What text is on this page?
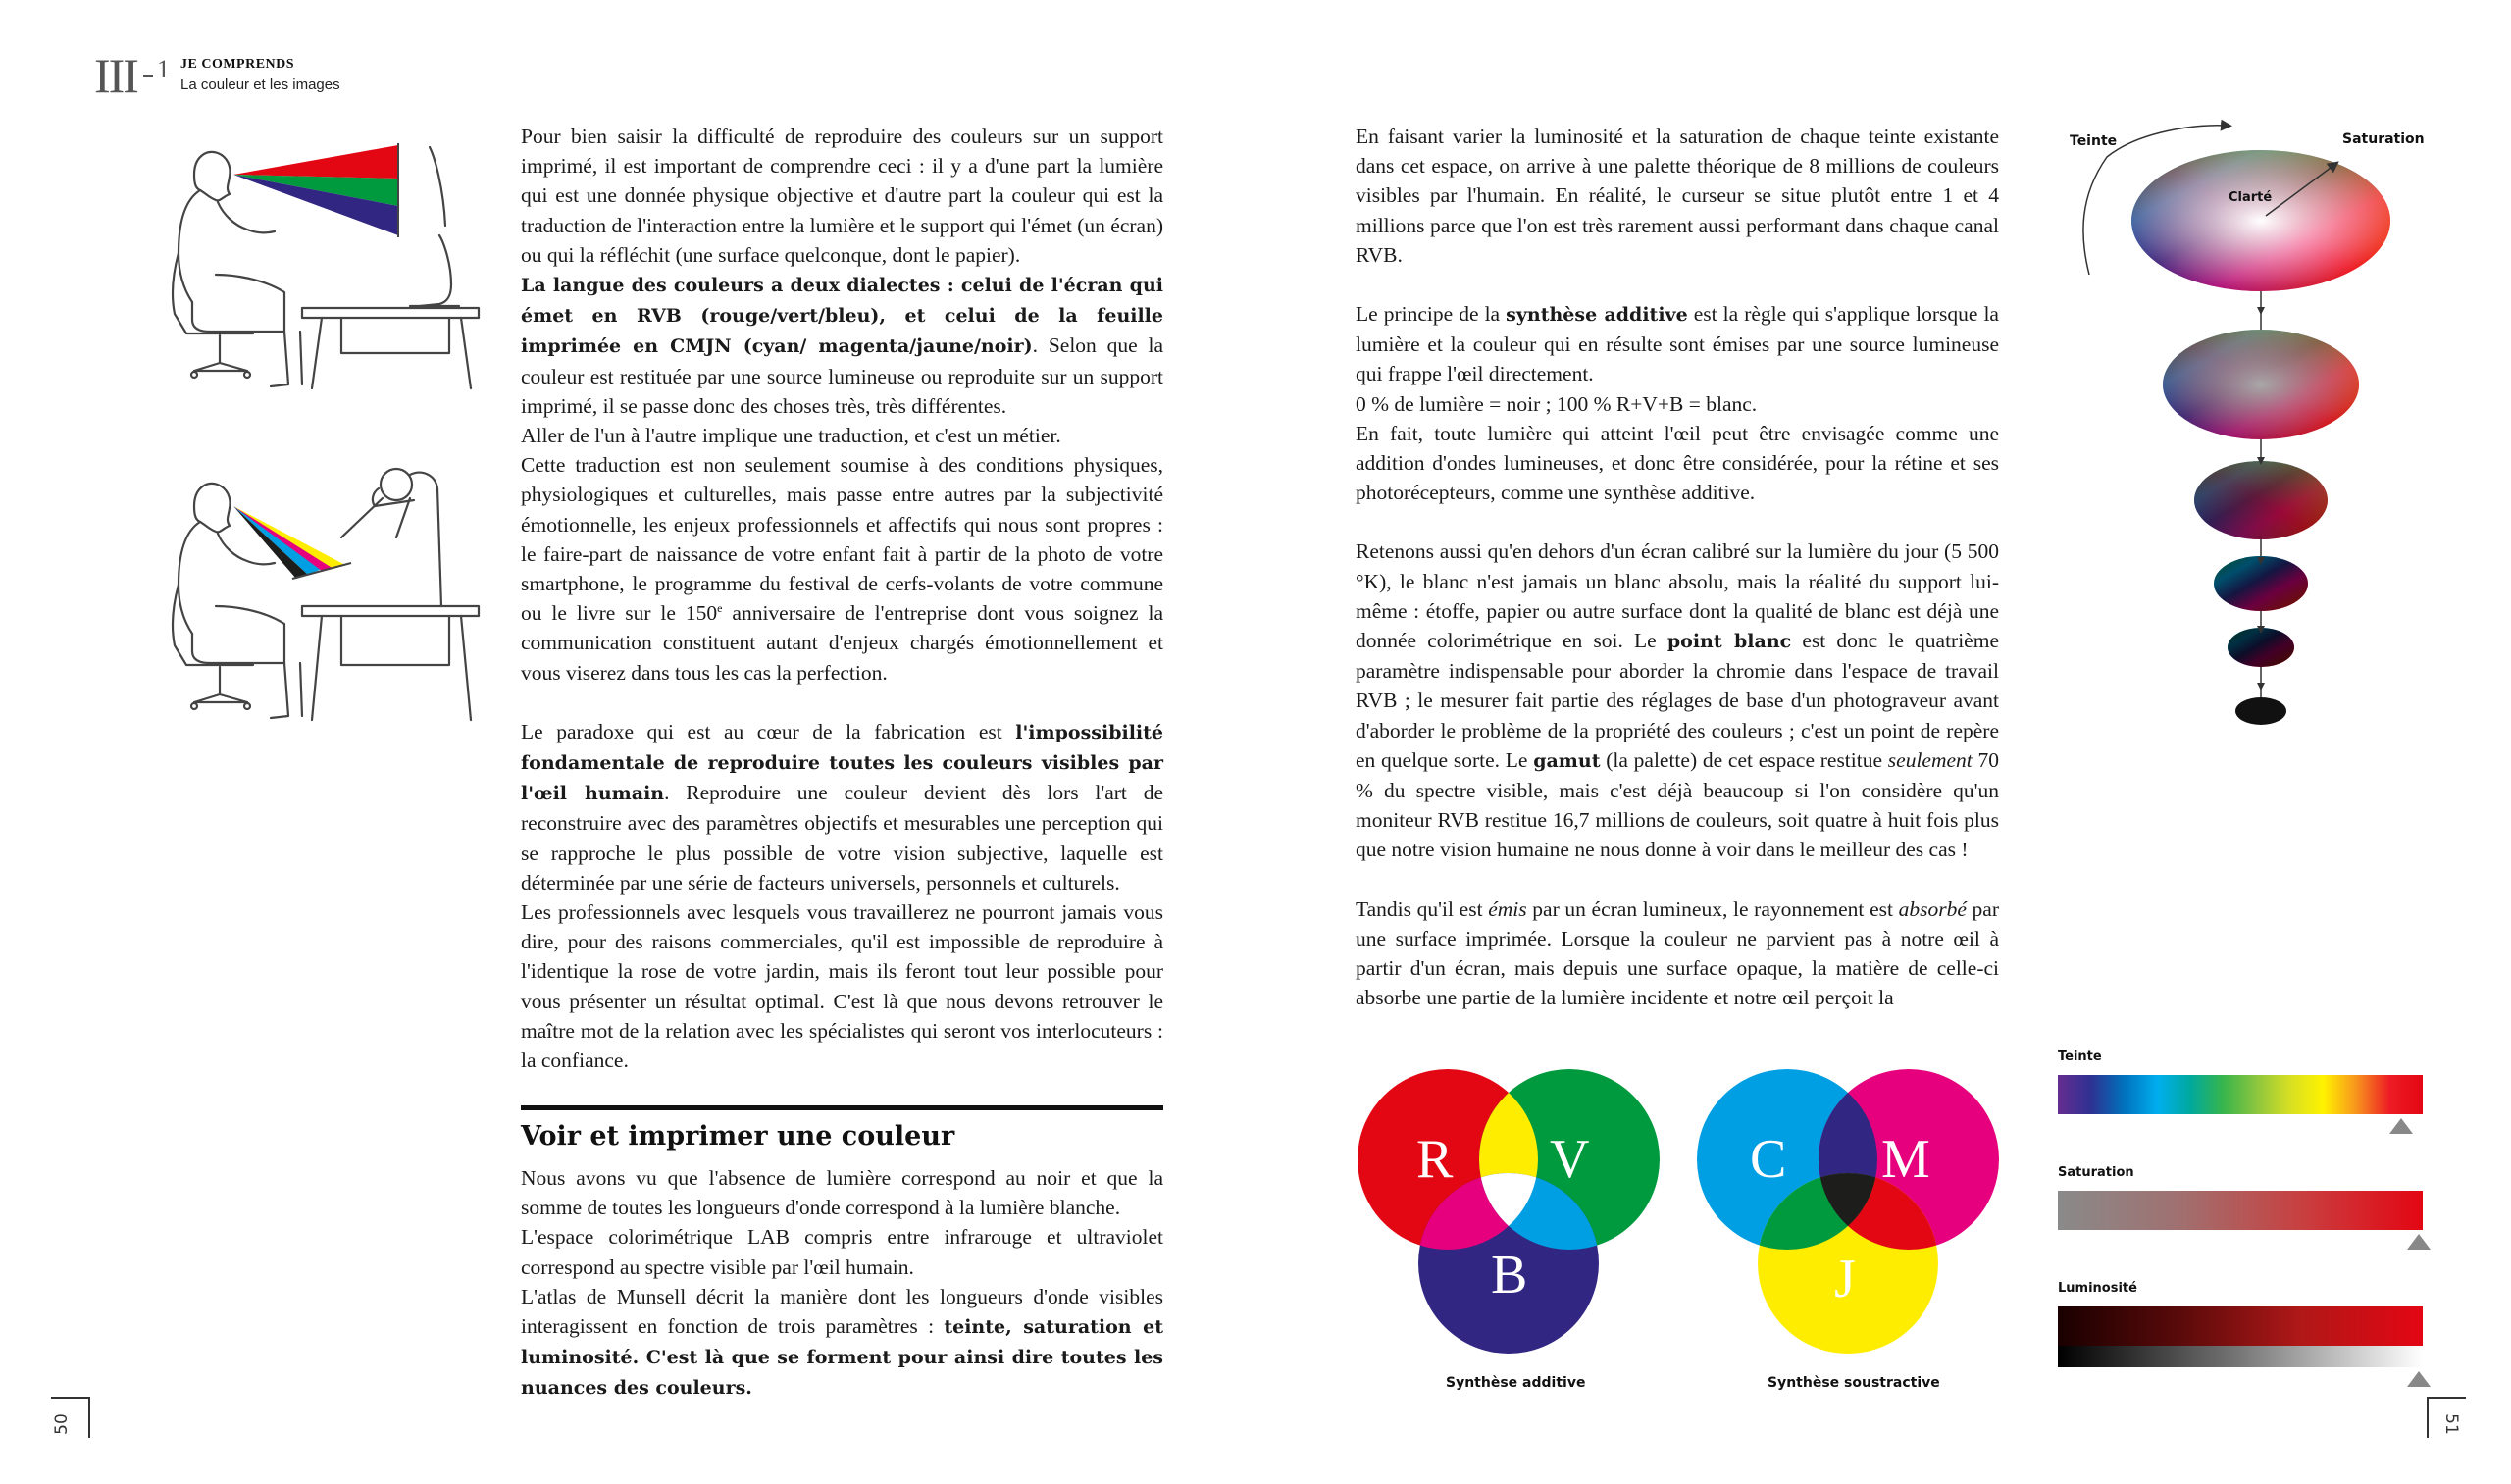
III 1 JE COMPRENDS
La couleur et les images

Pour bien saisir la difficulté de reproduire des couleurs sur un support imprimé, il est important de comprendre ceci : il y a d'une part la lumière qui est une donnée physique objective et d'autre part la couleur qui est la traduction de l'interaction entre la lumière et le support qui l'émet (un écran) ou qui la réfléchit (une surface quelconque, dont le papier).

La langue des couleurs a deux dialectes : celui de l'écran qui émet en RVB (rouge/vert/bleu), et celui de la feuille imprimée en CMJN (cyan/ magenta/jaune/noir). Selon que la couleur est restituée par une source lumineuse ou reproduite sur un support imprimé, il se passe donc des choses très, très différentes.

Aller de l'un à l'autre implique une traduction, et c'est un métier.

Cette traduction est non seulement soumise à des conditions physiques, physiologiques et culturelles, mais passe entre autres par la subjectivité émotionnelle, les enjeux professionnels et affectifs qui nous sont propres : le faire-part de naissance de votre enfant fait à partir de la photo de votre smartphone, le programme du festival de cerfs-volants de votre commune ou le livre sur le 150e anniversaire de l'entreprise dont vous soignez la communication constituent autant d'enjeux chargés émotionnellement et vous viserez dans tous les cas la perfection.

Le paradoxe qui est au cœur de la fabrication est l'impossibilité fondamentale de reproduire toutes les couleurs visibles par l'œil humain. Reproduire une couleur devient dès lors l'art de reconstruire avec des paramètres objectifs et mesurables une perception qui se rapproche le plus possible de votre vision subjective, laquelle est déterminée par une série de facteurs universels, personnels et culturels.

Les professionnels avec lesquels vous travaillerez ne pourront jamais vous dire, pour des raisons commerciales, qu'il est impossible de reproduire à l'identique la rose de votre jardin, mais ils feront tout leur possible pour vous présenter un résultat optimal. C'est là que nous devons retrouver le maître mot de la relation avec les spécialistes qui seront vos interlocuteurs : la confiance.

Voir et imprimer une couleur

Nous avons vu que l'absence de lumière correspond au noir et que la somme de toutes les longueurs d'onde correspond à la lumière blanche.

L'espace colorimétrique LAB compris entre infrarouge et ultraviolet correspond au spectre visible par l'œil humain.

L'atlas de Munsell décrit la manière dont les longueurs d'onde visibles interagissent en fonction de trois paramètres : teinte, saturation et luminosité. C'est là que se forment pour ainsi dire toutes les nuances des couleurs.

En faisant varier la luminosité et la saturation de chaque teinte existante dans cet espace, on arrive à une palette théorique de 8 millions de couleurs visibles par l'humain. En réalité, le curseur se situe plutôt entre 1 et 4 millions parce que l'on est très rarement aussi performant dans chaque canal RVB.

Le principe de la synthèse additive est la règle qui s'applique lorsque la lumière et la couleur qui en résulte sont émises par une source lumineuse qui frappe l'œil directement.

0 % de lumière = noir ; 100 % R+V+B = blanc.

En fait, toute lumière qui atteint l'œil peut être envisagée comme une addition d'ondes lumineuses, et donc être considérée, pour la rétine et ses photorécepteurs, comme une synthèse additive.

Retenons aussi qu'en dehors d'un écran calibré sur la lumière du jour (5 500 °K), le blanc n'est jamais un blanc absolu, mais la réalité du support lui-même : étoffe, papier ou autre surface dont la qualité de blanc est déjà une donnée colorimétrique en soi. Le point blanc est donc le quatrième paramètre indispensable pour aborder la chromie dans l'espace de travail RVB ; le mesurer fait partie des réglages de base d'un photograveur avant d'aborder le problème de la propriété des couleurs ; c'est un point de repère en quelque sorte. Le gamut (la palette) de cet espace restitue seulement 70 % du spectre visible, mais c'est déjà beaucoup si l'on considère qu'un moniteur RVB restitue 16,7 millions de couleurs, soit quatre à huit fois plus que notre vision humaine ne nous donne à voir dans le meilleur des cas !

Tandis qu'il est émis par un écran lumineux, le rayonnement est absorbé par une surface imprimée. Lorsque la couleur ne parvient pas à notre œil à partir d'un écran, mais depuis une surface opaque, la matière de celle-ci absorbe une partie de la lumière incidente et notre œil perçoit la

Teinte	Saturation
Clarté
R V
B
Synthèse additive
C M
J
Synthèse soustractive
Teinte
Saturation
Luminosité
50	51
